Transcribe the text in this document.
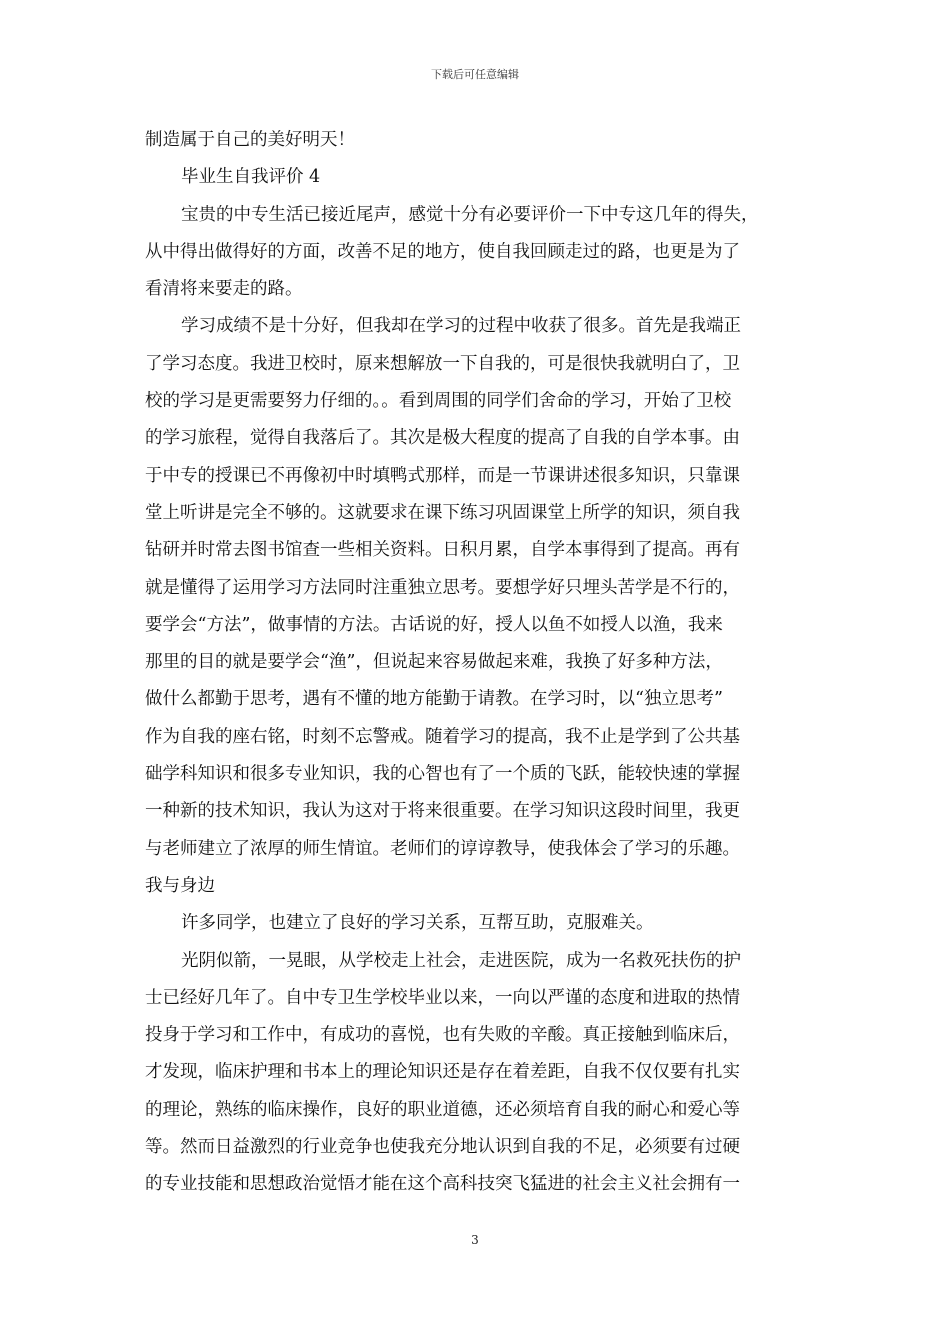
下载后可任意编辑
制造属于自己的美好明天！
毕业生自我评价 4
宝贵的中专生活已接近尾声，感觉十分有必要评价一下中专这几年的得失，
从中得出做得好的方面，改善不足的地方，使自我回顾走过的路，也更是为了
看清将来要走的路。
学习成绩不是十分好，但我却在学习的过程中收获了很多。首先是我端正
了学习态度。我进卫校时，原来想解放一下自我的，可是很快我就明白了，卫
校的学习是更需要努力仔细的。。看到周围的同学们舍命的学习，开始了卫校
的学习旅程，觉得自我落后了。其次是极大程度的提高了自我的自学本事。由
于中专的授课已不再像初中时填鸭式那样，而是一节课讲述很多知识，只靠课
堂上听讲是完全不够的。这就要求在课下练习巩固课堂上所学的知识，须自我
钻研并时常去图书馆查一些相关资料。日积月累，自学本事得到了提高。再有
就是懂得了运用学习方法同时注重独立思考。要想学好只埋头苦学是不行的，
要学会“方法”，做事情的方法。古话说的好，授人以鱼不如授人以渔，我来
那里的目的就是要学会“渔”，但说起来容易做起来难，我换了好多种方法，
做什么都勤于思考，遇有不懂的地方能勤于请教。在学习时，以“独立思考”
作为自我的座右铭，时刻不忘警戒。随着学习的提高，我不止是学到了公共基
础学科知识和很多专业知识，我的心智也有了一个质的飞跃，能较快速的掌握
一种新的技术知识，我认为这对于将来很重要。在学习知识这段时间里，我更
与老师建立了浓厚的师生情谊。老师们的谆谆教导，使我体会了学习的乐趣。
我与身边
许多同学，也建立了良好的学习关系，互帮互助，克服难关。
光阴似箭，一晃眼，从学校走上社会，走进医院，成为一名救死扶伤的护
士已经好几年了。自中专卫生学校毕业以来，一向以严谨的态度和进取的热情
投身于学习和工作中，有成功的喜悦，也有失败的辛酸。真正接触到临床后，
才发现，临床护理和书本上的理论知识还是存在着差距，自我不仅仅要有扎实
的理论，熟练的临床操作，良好的职业道德，还必须培育自我的耐心和爱心等
等。然而日益激烈的行业竞争也使我充分地认识到自我的不足，必须要有过硬
的专业技能和思想政治觉悟才能在这个高科技突飞猛进的社会主义社会拥有一
3
